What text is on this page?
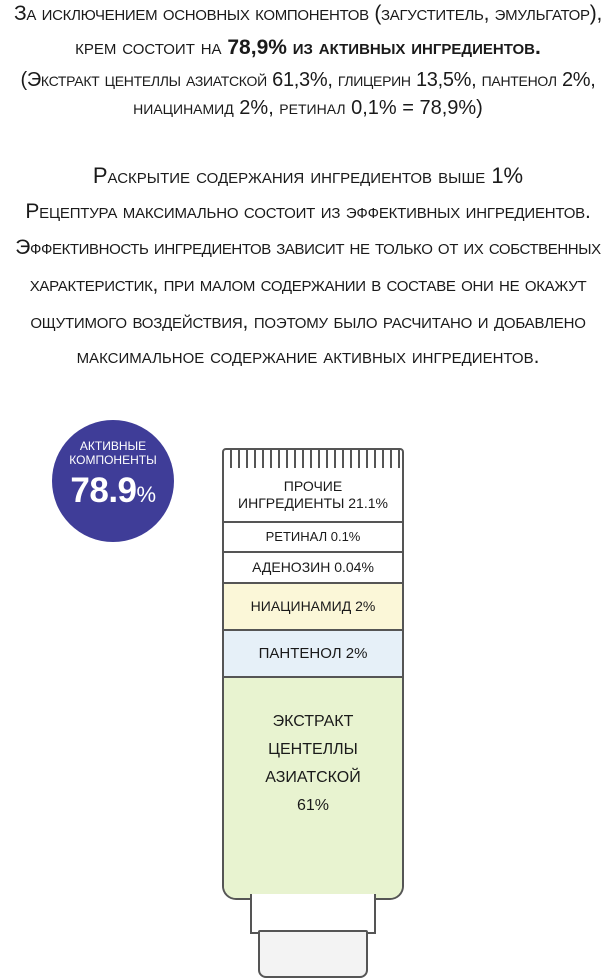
За исключением основных компонентов (загуститель, эмульгатор),
крем состоит на 78,9% из активных ингредиентов.
(Экстракт центеллы азиатской 61,3%, глицерин 13,5%, пантенол 2%,
ниацинамид 2%, ретинал 0,1% = 78,9%)
Раскрытие содержания ингредиентов выше 1%
Рецептура максимально состоит из эффективных ингредиентов.
Эффективность ингредиентов зависит не только от их собственных
характеристик, при малом содержании в составе они не окажут
ощутимого воздействия, поэтому было расчитано и добавлено
максимальное содержание активных ингредиентов.
АКТИВНЫЕ
КОМПОНЕНТЫ
78.9%	ПРОЧИЕ
ИНГРЕДИЕНТЫ 21.1%
РЕТИНАЛ 0.1%
АДЕНОЗИН 0.04%
НИАЦИНАМИД 2%
ПАНТЕНОЛ 2%
ЭКСТРАКТ
ЦЕНТЕЛЛЫ
АЗИАТСКОЙ
61%
